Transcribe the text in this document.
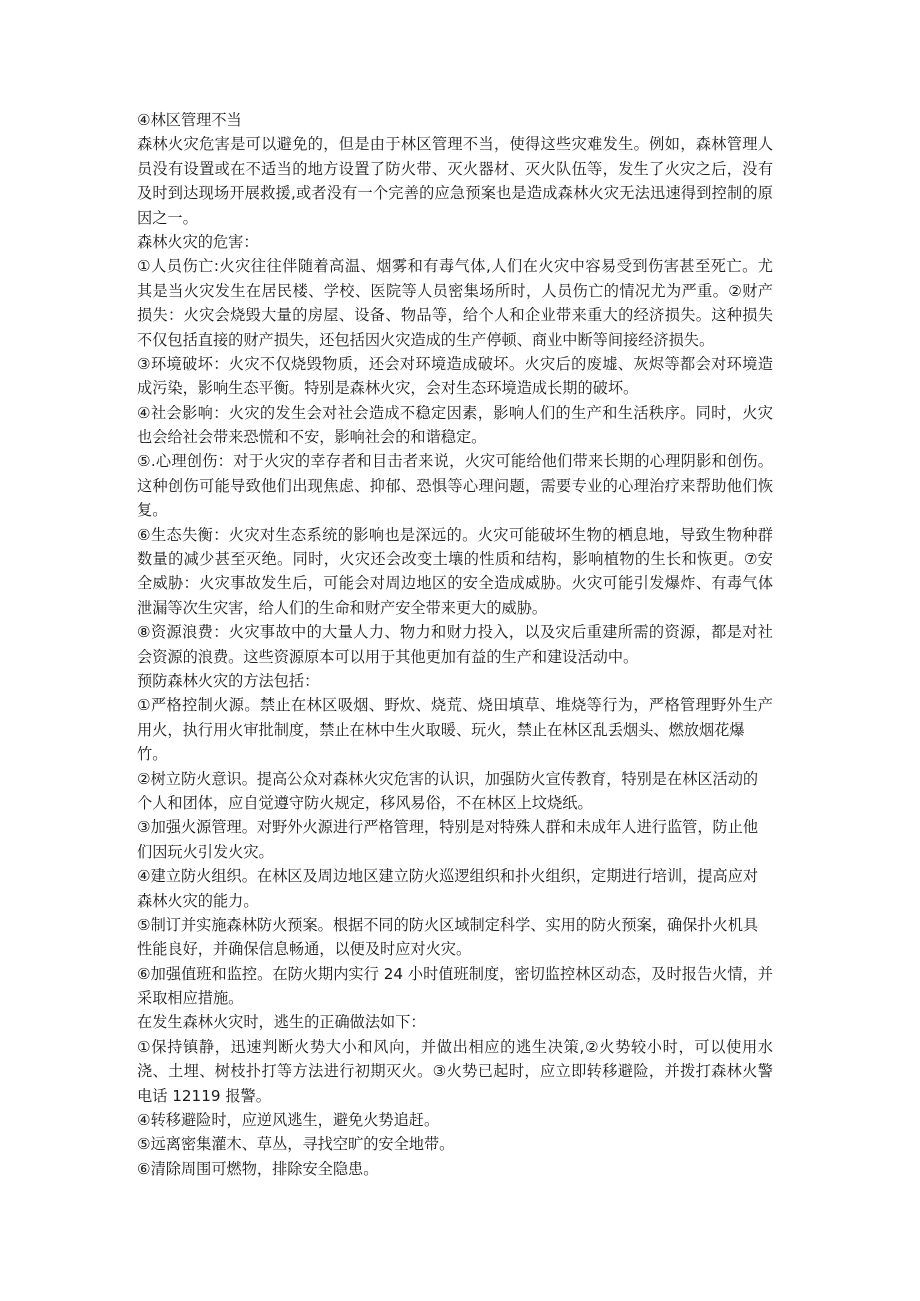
④林区管理不当
森林火灾危害是可以避免的，但是由于林区管理不当，使得这些灾难发生。例如，森林管理人
员没有设置或在不适当的地方设置了防火带、灭火器材、灭火队伍等，发生了火灾之后，没有
及时到达现场开展救援,或者没有一个完善的应急预案也是造成森林火灾无法迅速得到控制的原
因之一。
森林火灾的危害：
①人员伤亡:火灾往往伴随着高温、烟雾和有毒气体,人们在火灾中容易受到伤害甚至死亡。尤
其是当火灾发生在居民楼、学校、医院等人员密集场所时，人员伤亡的情况尤为严重。②财产
损失：火灾会烧毁大量的房屋、设备、物品等，给个人和企业带来重大的经济损失。这种损失
不仅包括直接的财产损失，还包括因火灾造成的生产停顿、商业中断等间接经济损失。
③环境破坏：火灾不仅烧毁物质，还会对环境造成破坏。火灾后的废墟、灰烬等都会对环境造
成污染，影响生态平衡。特别是森林火灾，会对生态环境造成长期的破坏。
④社会影响：火灾的发生会对社会造成不稳定因素，影响人们的生产和生活秩序。同时，火灾
也会给社会带来恐慌和不安，影响社会的和谐稳定。
⑤.心理创伤：对于火灾的幸存者和目击者来说，火灾可能给他们带来长期的心理阴影和创伤。
这种创伤可能导致他们出现焦虑、抑郁、恐惧等心理问题，需要专业的心理治疗来帮助他们恢
复。
⑥生态失衡：火灾对生态系统的影响也是深远的。火灾可能破坏生物的栖息地，导致生物种群
数量的减少甚至灭绝。同时，火灾还会改变土壤的性质和结构，影响植物的生长和恢更。⑦安
全威胁：火灾事故发生后，可能会对周边地区的安全造成威胁。火灾可能引发爆炸、有毒气体
泄漏等次生灾害，给人们的生命和财产安全带来更大的威胁。
⑧资源浪费：火灾事故中的大量人力、物力和财力投入，以及灾后重建所需的资源，都是对社
会资源的浪费。这些资源原本可以用于其他更加有益的生产和建设活动中。
预防森林火灾的方法包括：
①严格控制火源。禁止在林区吸烟、野炊、烧荒、烧田填草、堆烧等行为，严格管理野外生产
用火，执行用火审批制度，禁止在林中生火取暖、玩火，禁止在林区乱丢烟头、燃放烟花爆
竹。
②树立防火意识。提高公众对森林火灾危害的认识，加强防火宣传教育，特别是在林区活动的
个人和团体，应自觉遵守防火规定，移风易俗，不在林区上坟烧纸。
③加强火源管理。对野外火源进行严格管理，特别是对特殊人群和未成年人进行监管，防止他
们因玩火引发火灾。
④建立防火组织。在林区及周边地区建立防火巡逻组织和扑火组织，定期进行培训，提高应对
森林火灾的能力。
⑤制订并实施森林防火预案。根据不同的防火区域制定科学、实用的防火预案，确保扑火机具
性能良好，并确保信息畅通，以便及时应对火灾。
⑥加强值班和监控。在防火期内实行 24 小时值班制度，密切监控林区动态，及时报告火情，并
采取相应措施。
在发生森林火灾时，逃生的正确做法如下：
①保持镇静，迅速判断火势大小和风向，并做出相应的逃生决策,②火势较小时，可以使用水
浇、土埋、树枝扑打等方法进行初期灭火。③火势已起时，应立即转移避险，并拨打森林火警
电话 12119 报警。
④转移避险时，应逆风逃生，避免火势追赶。
⑤远离密集灌木、草丛，寻找空旷的安全地带。
⑥清除周围可燃物，排除安全隐患。
